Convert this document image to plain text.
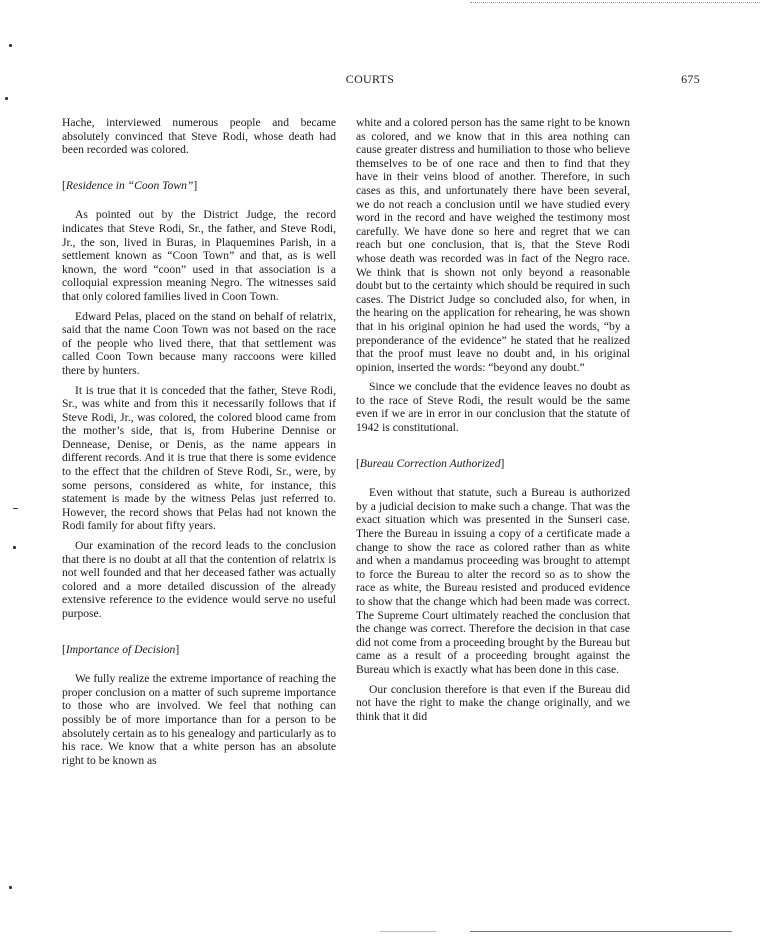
COURTS	675

Hache, interviewed numerous people and became absolutely convinced that Steve Rodi, whose death had been recorded was colored.

[Residence in “Coon Town”]

As pointed out by the District Judge, the record indicates that Steve Rodi, Sr., the father, and Steve Rodi, Jr., the son, lived in Buras, in Plaquemines Parish, in a settlement known as “Coon Town” and that, as is well known, the word “coon” used in that association is a colloquial expression meaning Negro. The witnesses said that only colored families lived in Coon Town.

Edward Pelas, placed on the stand on behalf of relatrix, said that the name Coon Town was not based on the race of the people who lived there, that that settlement was called Coon Town because many raccoons were killed there by hunters.

It is true that it is conceded that the father, Steve Rodi, Sr., was white and from this it necessarily follows that if Steve Rodi, Jr., was colored, the colored blood came from the mother’s side, that is, from Huberine Dennise or Dennease, Denise, or Denis, as the name appears in different records. And it is true that there is some evidence to the effect that the children of Steve Rodi, Sr., were, by some persons, considered as white, for instance, this statement is made by the witness Pelas just referred to. However, the record shows that Pelas had not known the Rodi family for about fifty years.

Our examination of the record leads to the conclusion that there is no doubt at all that the contention of relatrix is not well founded and that her deceased father was actually colored and a more detailed discussion of the already extensive reference to the evidence would serve no useful purpose.

[Importance of Decision]

We fully realize the extreme importance of reaching the proper conclusion on a matter of such supreme importance to those who are involved. We feel that nothing can possibly be of more importance than for a person to be absolutely certain as to his genealogy and particularly as to his race. We know that a white person has an absolute right to be known as

white and a colored person has the same right to be known as colored, and we know that in this area nothing can cause greater distress and humiliation to those who believe themselves to be of one race and then to find that they have in their veins blood of another. Therefore, in such cases as this, and unfortunately there have been several, we do not reach a conclusion until we have studied every word in the record and have weighed the testimony most carefully. We have done so here and regret that we can reach but one conclusion, that is, that the Steve Rodi whose death was recorded was in fact of the Negro race. We think that is shown not only beyond a reasonable doubt but to the certainty which should be required in such cases. The District Judge so concluded also, for when, in the hearing on the application for rehearing, he was shown that in his original opinion he had used the words, “by a preponderance of the evidence” he stated that he realized that the proof must leave no doubt and, in his original opinion, inserted the words: “beyond any doubt.”

Since we conclude that the evidence leaves no doubt as to the race of Steve Rodi, the result would be the same even if we are in error in our conclusion that the statute of 1942 is constitutional.

[Bureau Correction Authorized]

Even without that statute, such a Bureau is authorized by a judicial decision to make such a change. That was the exact situation which was presented in the Sunseri case. There the Bureau in issuing a copy of a certificate made a change to show the race as colored rather than as white and when a mandamus proceeding was brought to attempt to force the Bureau to alter the record so as to show the race as white, the Bureau resisted and produced evidence to show that the change which had been made was correct. The Supreme Court ultimately reached the conclusion that the change was correct. Therefore the decision in that case did not come from a proceeding brought by the Bureau but came as a result of a proceeding brought against the Bureau which is exactly what has been done in this case.

Our conclusion therefore is that even if the Bureau did not have the right to make the change originally, and we think that it did
